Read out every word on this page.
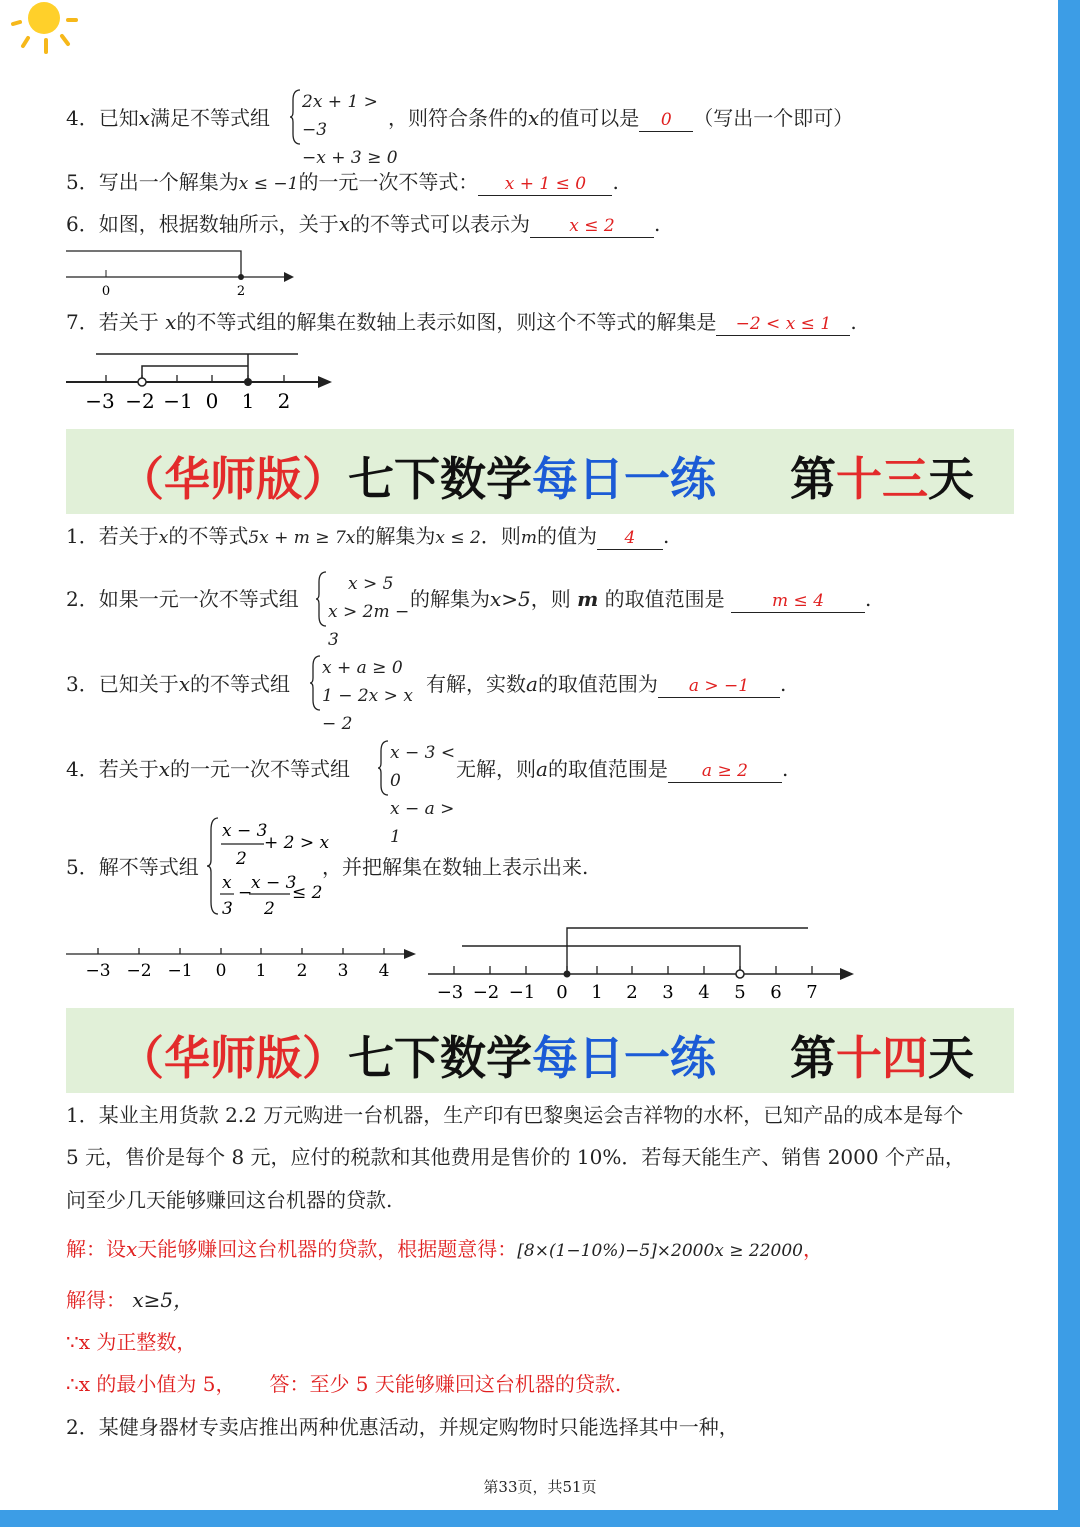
4．已知x满足不等式组
2x + 1 > −3
−x + 3 ≥ 0
，则符合条件的x的值可以是 0 （写出一个即可）
5．写出一个解集为x ≤ −1的一元一次不等式： x + 1 ≤ 0 .
6．如图，根据数轴所示，关于x的不等式可以表示为 x ≤ 2 .
0	2
7．若关于 x的不等式组的解集在数轴上表示如图，则这个不等式的解集是 −2 < x ≤ 1 .
−3 −2 −1 0 1 2
（华师版）七下数学每日一练 第十三天
1．若关于x的不等式5x + m ≥ 7x的解集为x ≤ 2．则m的值为 4 .
2．如果一元一次不等式组
x > 5
x > 2m − 3
的解集为x>5，则 m 的取值范围是	m ≤ 4 .
3．已知关于x的不等式组
x + a ≥ 0
1 − 2x > x − 2
有解，实数a的取值范围为 a > −1 .
4．若关于x的一元一次不等式组
x − 3 < 0
x − a > 1
无解，则a的取值范围是 a ≥ 2 .
5．解不等式组
x − 3
2
+ 2 > x
x
3
−
x − 3
2
≤ 2
，并把解集在数轴上表示出来.
−3 −2 −1 0 1 2 3 4
−3 −2 −1 0 1 2 3 4 5 6 7
（华师版）七下数学每日一练 第十四天
1．某业主用货款 2.2 万元购进一台机器，生产印有巴黎奥运会吉祥物的水杯，已知产品的成本是每个
5 元，售价是每个 8 元，应付的税款和其他费用是售价的 10%．若每天能生产、销售 2000 个产品，
问至少几天能够赚回这台机器的贷款.
解：设x天能够赚回这台机器的贷款，根据题意得：[8×(1−10%)−5]×2000x ≥ 22000，
解得： x≥5，
∵x 为正整数，
∴x 的最小值为 5， 答：至少 5 天能够赚回这台机器的贷款.
2．某健身器材专卖店推出两种优惠活动，并规定购物时只能选择其中一种，
第33页，共51页
